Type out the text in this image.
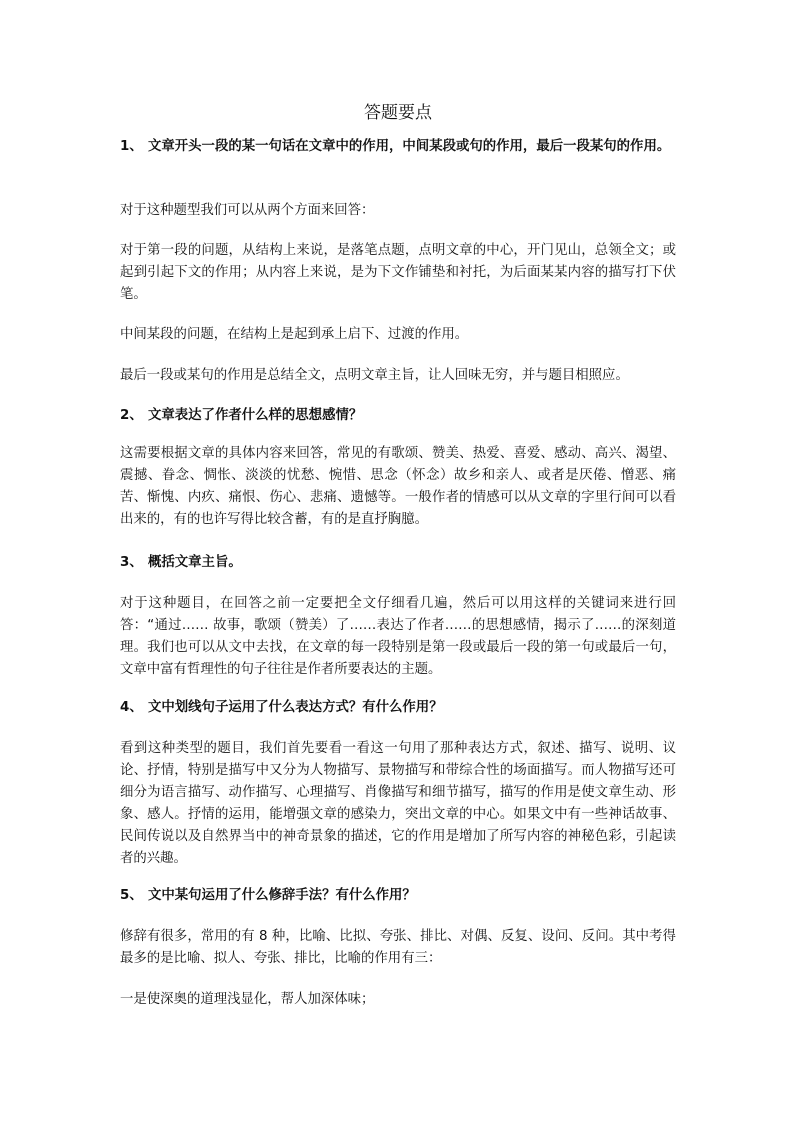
答题要点

1、 文章开头一段的某一句话在文章中的作用，中间某段或句的作用，最后一段某句的作用。

对于这种题型我们可以从两个方面来回答：

对于第一段的问题，从结构上来说，是落笔点题，点明文章的中心，开门见山，总领全文；或起到引起下文的作用；从内容上来说，是为下文作铺垫和衬托，为后面某某内容的描写打下伏笔。

中间某段的问题，在结构上是起到承上启下、过渡的作用。

最后一段或某句的作用是总结全文，点明文章主旨，让人回味无穷，并与题目相照应。

2、 文章表达了作者什么样的思想感情？

这需要根据文章的具体内容来回答，常见的有歌颂、赞美、热爱、喜爱、感动、高兴、渴望、震撼、眷念、惆怅、淡淡的忧愁、惋惜、思念（怀念）故乡和亲人、或者是厌倦、憎恶、痛苦、惭愧、内疚、痛恨、伤心、悲痛、遗憾等。一般作者的情感可以从文章的字里行间可以看出来的，有的也许写得比较含蓄，有的是直抒胸臆。

3、 概括文章主旨。

对于这种题目，在回答之前一定要把全文仔细看几遍，然后可以用这样的关键词来进行回答：“通过…… 故事，歌颂（赞美）了……表达了作者……的思想感情，揭示了……的深刻道理。我们也可以从文中去找，在文章的每一段特别是第一段或最后一段的第一句或最后一句，文章中富有哲理性的句子往往是作者所要表达的主题。

4、 文中划线句子运用了什么表达方式？有什么作用？

看到这种类型的题目，我们首先要看一看这一句用了那种表达方式，叙述、描写、说明、议论、抒情，特别是描写中又分为人物描写、景物描写和带综合性的场面描写。而人物描写还可细分为语言描写、动作描写、心理描写、肖像描写和细节描写，描写的作用是使文章生动、形象、感人。抒情的运用，能增强文章的感染力，突出文章的中心。如果文中有一些神话故事、民间传说以及自然界当中的神奇景象的描述，它的作用是增加了所写内容的神秘色彩，引起读者的兴趣。

5、 文中某句运用了什么修辞手法？有什么作用？

修辞有很多，常用的有 8 种，比喻、比拟、夸张、排比、对偶、反复、设问、反问。其中考得最多的是比喻、拟人、夸张、排比，比喻的作用有三：

一是使深奥的道理浅显化，帮人加深体味；
